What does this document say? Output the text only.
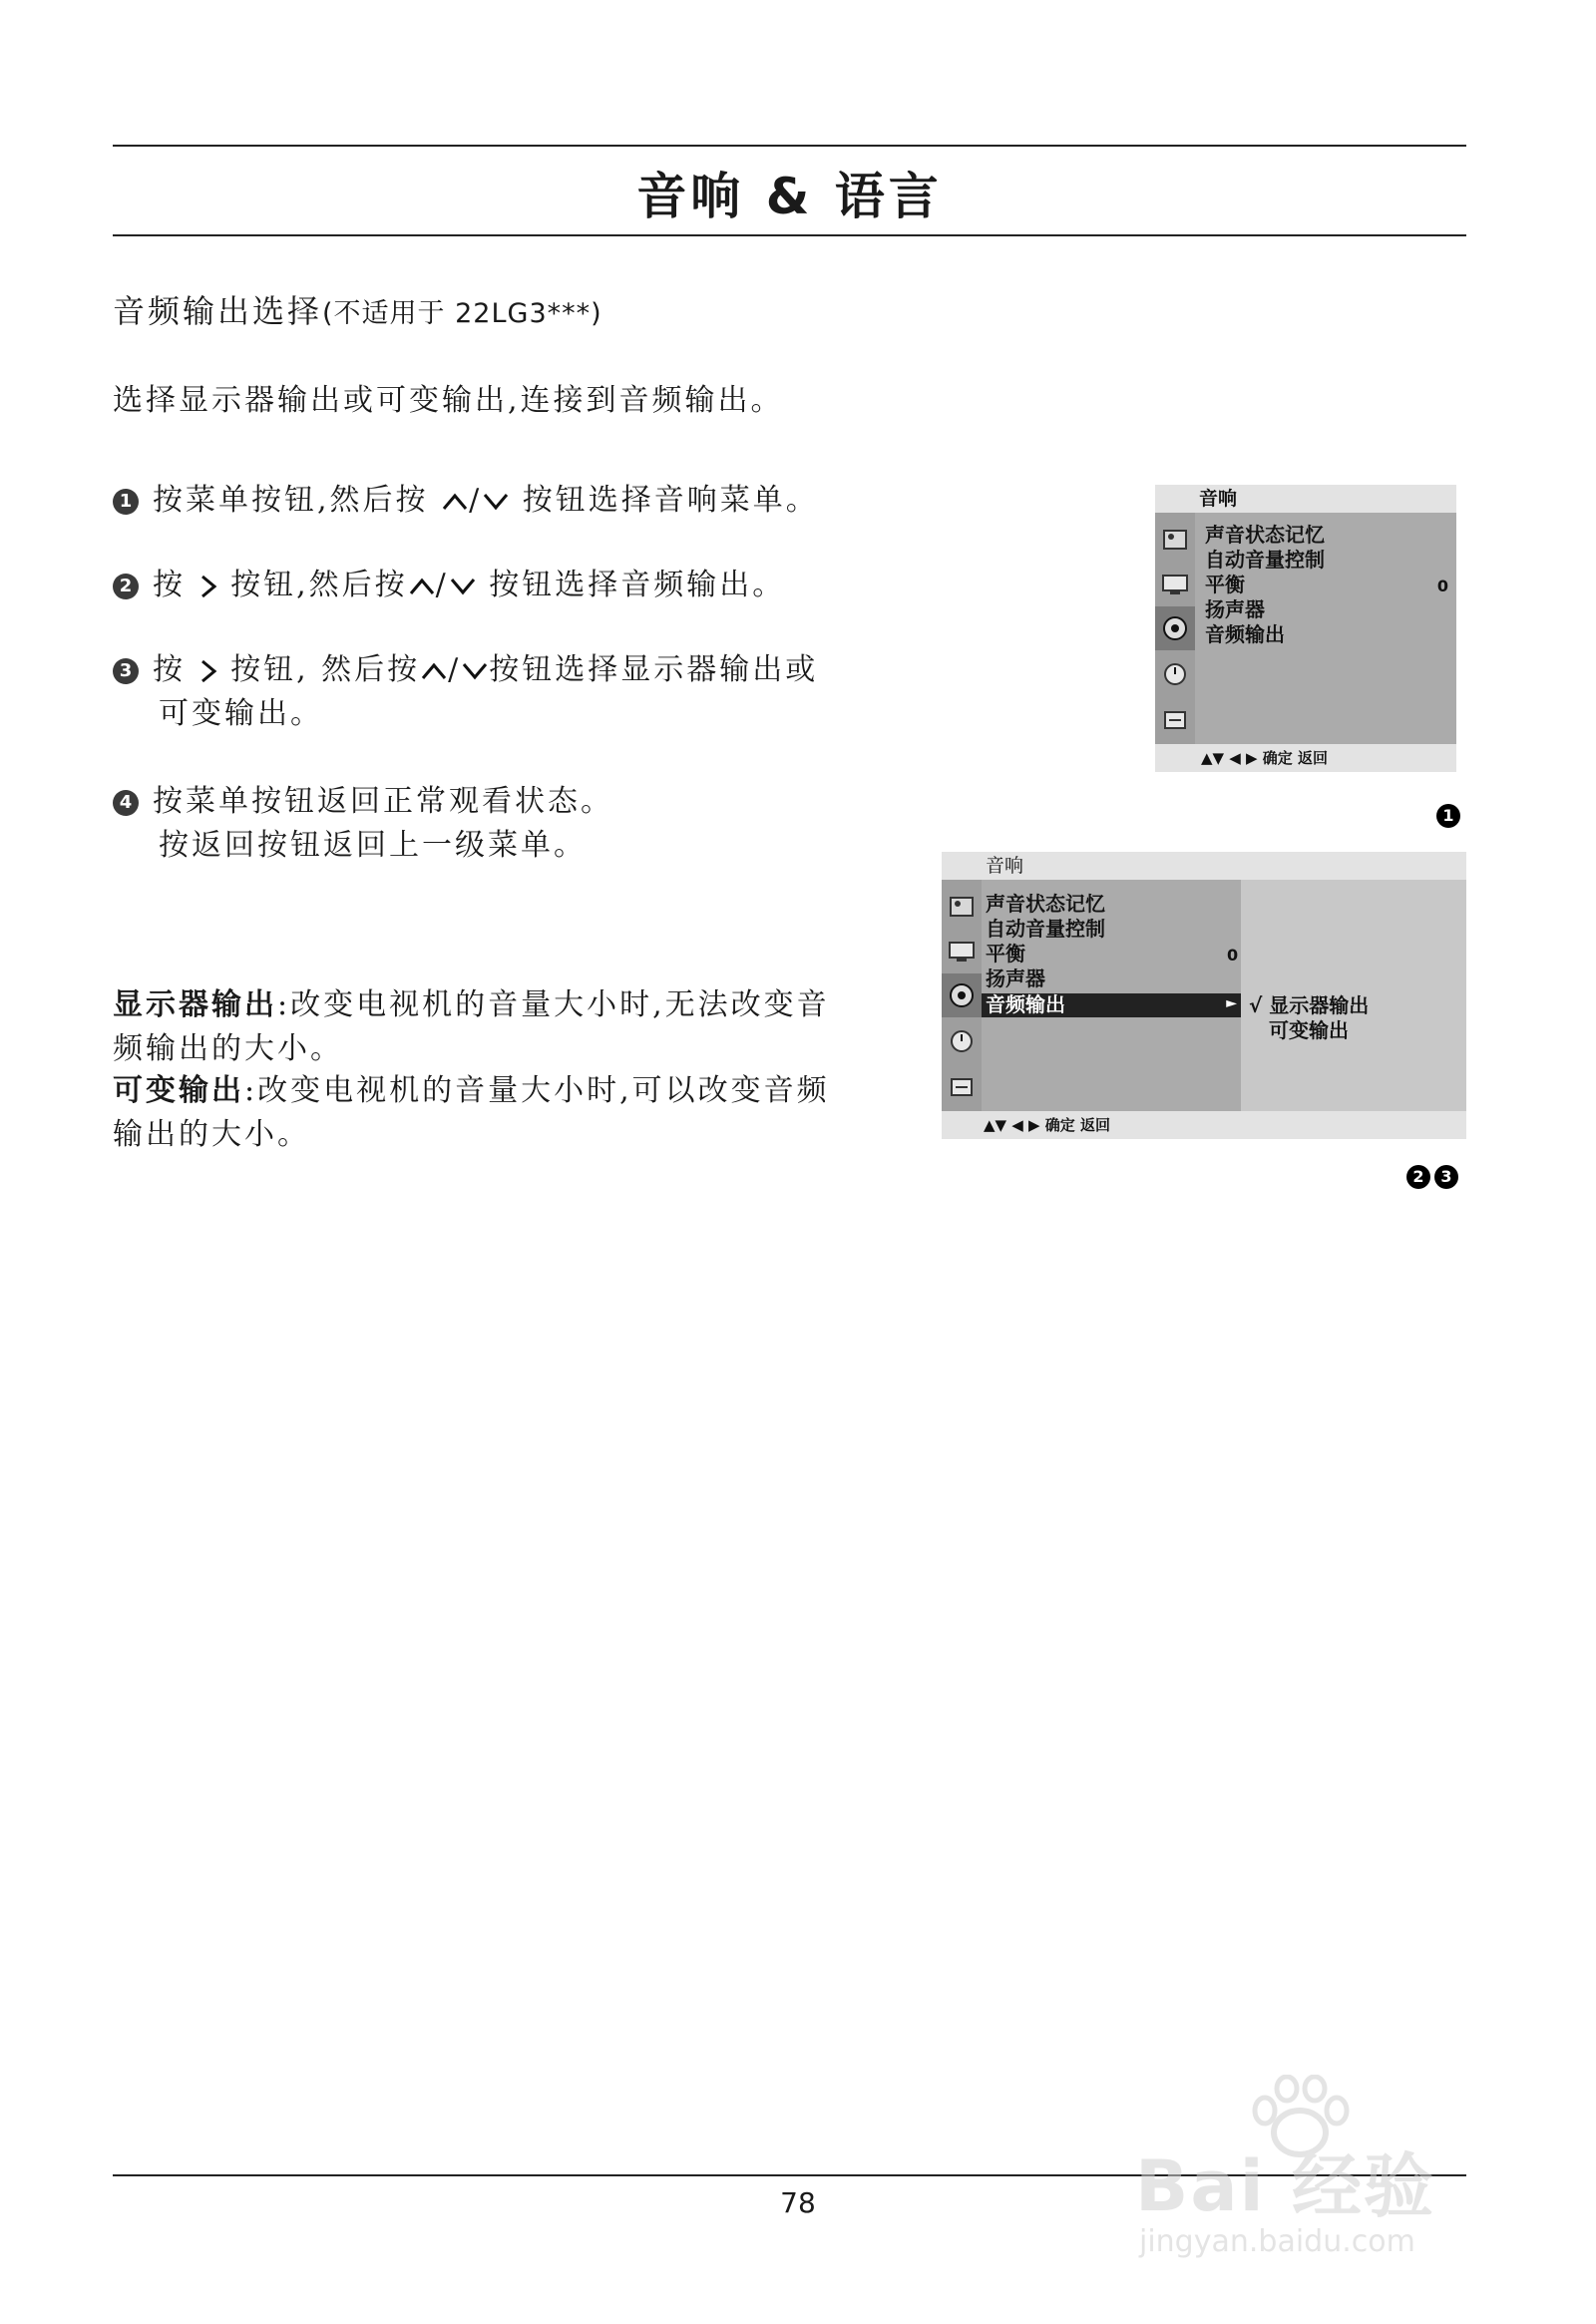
音响 & 语言
音频输出选择(不适用于 22LG3***)
选择显示器输出或可变输出,连接到音频输出。
1 按菜单按钮,然后按 / 按钮选择音响菜单。
2 按 按钮,然后按 / 按钮选择音频输出。
3 按 按钮, 然后按 / 按钮选择显示器输出或
可变输出。
4 按菜单按钮返回正常观看状态。
按返回按钮返回上一级菜单。
显示器输出:改变电视机的音量大小时,无法改变音
频输出的大小。
可变输出:改变电视机的音量大小时,可以改变音频
输出的大小。
音响
声音状态记忆
自动音量控制
平衡	0
扬声器
音频输出
▲▼ ◀ ▶ 确定 返回
1
音响
声音状态记忆
自动音量控制
平衡	0
扬声器
音频输出	► √ 显示器输出
可变输出
▲▼ ◀ ▶ 确定 返回
2	3
78	Bai 经验
jingyan.baidu.com
